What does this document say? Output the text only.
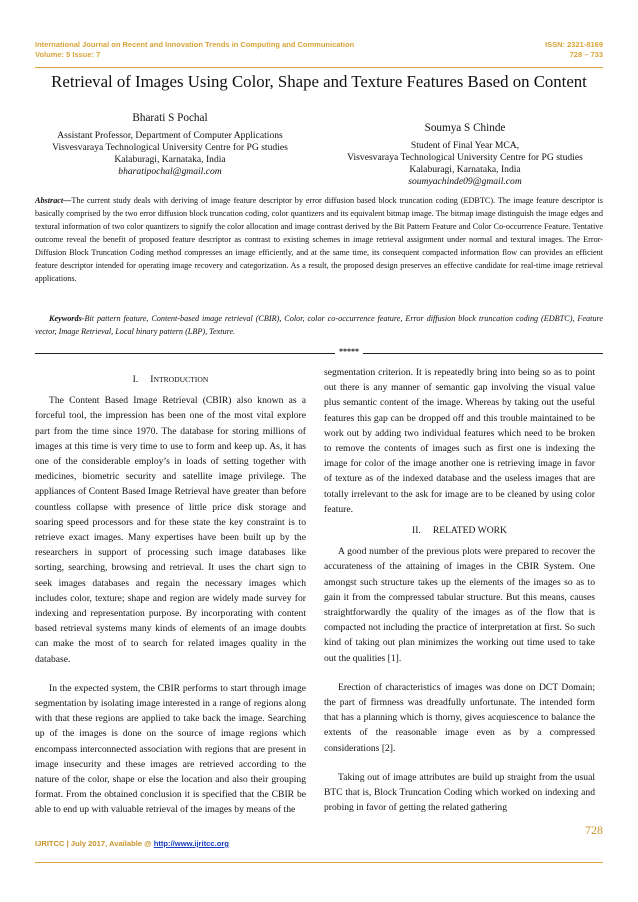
International Journal on Recent and Innovation Trends in Computing and Communication	ISSN: 2321-8169
Volume: 5 Issue: 7	728 – 733
Retrieval of Images Using Color, Shape and Texture Features Based on Content
Bharati S Pochal
Assistant Professor, Department of Computer Applications
Visvesvaraya Technological University Centre for PG studies
Kalaburagi, Karnataka, India
bharatipochal@gmail.com
Soumya S Chinde
Student of Final Year MCA,
Visvesvaraya Technological University Centre for PG studies
Kalaburagi, Karnataka, India
soumyachinde09@gmail.com
Abstract—The current study deals with deriving of image feature descriptor by error diffusion based block truncation coding (EDBTC). The image feature descriptor is basically comprised by the two error diffusion block truncation coding, color quantizers and its equivalent bitmap image. The bitmap image distinguish the image edges and textural information of two color quantizers to signify the color allocation and image contrast derived by the Bit Pattern Feature and Color Co-occurrence Feature. Tentative outcome reveal the benefit of proposed feature descriptor as contrast to existing schemes in image retrieval assignment under normal and textural images. The Error-Diffusion Block Truncation Coding method compresses an image efficiently, and at the same time, its consequent compacted information flow can provides an efficient feature descriptor intended for operating image recovery and categorization. As a result, the proposed design preserves an effective candidate for real-time image retrieval applications.
Keywords-Bit pattern feature, Content-based image retrieval (CBIR), Color, color co-occurrence feature, Error diffusion block truncation coding (EDBTC), Feature vector, Image Retrieval, Local binary pattern (LBP), Texture.
*****
I. INTRODUCTION

The Content Based Image Retrieval (CBIR) also known as a forceful tool, the impression has been one of the most vital explore part from the time since 1970. The database for storing millions of images at this time is very time to use to form and keep up. As, it has one of the considerable employ’s in loads of setting together with medicines, biometric security and satellite image privilege. The appliances of Content Based Image Retrieval have greater than before countless collapse with presence of little price disk storage and soaring speed processors and for these state the key constraint is to retrieve exact images. Many expertises have been built up by the researchers in support of processing such image databases like sorting, searching, browsing and retrieval. It uses the chart sign to seek images databases and regain the necessary images which includes color, texture; shape and region are widely made survey for indexing and representation purpose. By incorporating with content based retrieval systems many kinds of elements of an image doubts can make the most of to search for related images quality in the database.

In the expected system, the CBIR performs to start through image segmentation by isolating image interested in a range of regions along with that these regions are applied to take back the image. Searching up of the images is done on the source of image regions which encompass interconnected association with regions that are present in image insecurity and these images are retrieved according to the nature of the color, shape or else the location and also their grouping format. From the obtained conclusion it is specified that the CBIR be able to end up with valuable retrieval of the images by means of the

segmentation criterion. It is repeatedly bring into being so as to point out there is any manner of semantic gap involving the visual value plus semantic content of the image. Whereas by taking out the useful features this gap can be dropped off and this trouble maintained to be work out by adding two individual features which need to be broken to remove the contents of images such as first one is indexing the image for color of the image another one is retrieving image in favor of texture as of the indexed database and the useless images that are totally irrelevant to the ask for image are to be cleaned by using color feature.

II. RELATED WORK

A good number of the previous plots were prepared to recover the accurateness of the attaining of images in the CBIR System. One amongst such structure takes up the elements of the images so as to gain it from the compressed tabular structure. But this means, causes straightforwardly the quality of the images as of the flow that is compacted not including the practice of interpretation at first. So such kind of taking out plan minimizes the working out time used to take out the qualities [1].

Erection of characteristics of images was done on DCT Domain; the part of firmness was dreadfully unfortunate. The intended form that has a planning which is thorny, gives acquiescence to balance the extents of the reasonable image even as by a compressed considerations [2].

Taking out of image attributes are build up straight from the usual BTC that is, Block Truncation Coding which worked on indexing and probing in favor of getting the related gathering

728
IJRITCC | July 2017, Available @ http://www.ijritcc.org
